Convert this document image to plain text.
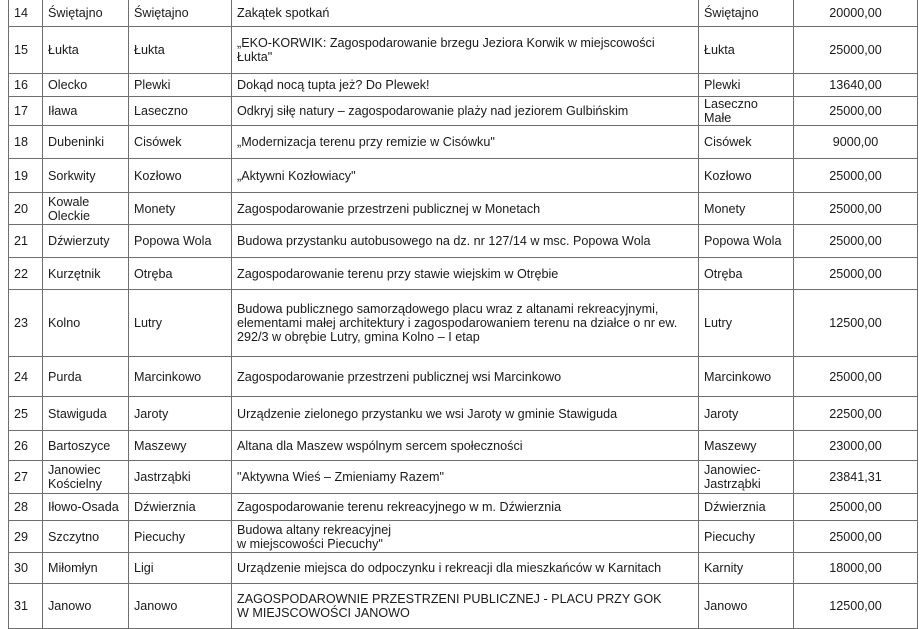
14	Świętajno	Świętajno	Zakątek spotkań	Świętajno	20000,00
15	Łukta	Łukta	„EKO-KORWIK: Zagospodarowanie brzegu Jeziora Korwik w miejscowości
Łukta"	Łukta	25000,00
16	Olecko	Plewki	Dokąd nocą tupta jeż? Do Plewek!	Plewki	13640,00
17	Iława	Laseczno	Odkryj siłę natury – zagospodarowanie plaży nad jeziorem Gulbińskim	Laseczno
Małe	25000,00
18	Dubeninki	Cisówek	„Modernizacja terenu przy remizie w Cisówku"	Cisówek	9000,00
19	Sorkwity	Kozłowo	„Aktywni Kozłowiacy"	Kozłowo	25000,00
20	Kowale Oleckie	Monety	Zagospodarowanie przestrzeni publicznej w Monetach	Monety	25000,00
21	Dźwierzuty	Popowa Wola	Budowa przystanku autobusowego na dz. nr 127/14 w msc. Popowa Wola	Popowa Wola	25000,00
22	Kurzętnik	Otręba	Zagospodarowanie terenu przy stawie wiejskim w Otrębie	Otręba	25000,00
23	Kolno	Lutry	Budowa publicznego samorządowego placu wraz z altanami rekreacyjnymi,
elementami małej architektury i zagospodarowaniem terenu na działce o nr ew.
292/3 w obrębie Lutry, gmina Kolno – I etap	Lutry	12500,00
24	Purda	Marcinkowo	Zagospodarowanie przestrzeni publicznej wsi Marcinkowo	Marcinkowo	25000,00
25	Stawiguda	Jaroty	Urządzenie zielonego przystanku we wsi Jaroty w gminie Stawiguda	Jaroty	22500,00
26	Bartoszyce	Maszewy	Altana dla Maszew wspólnym sercem społeczności	Maszewy	23000,00
27	Janowiec Kościelny	Jastrząbki	"Aktywna Wieś – Zmieniamy Razem"	Janowiec-
Jastrząbki	23841,31
28	Iłowo-Osada	Dźwierznia	Zagospodarowanie terenu rekreacyjnego w m. Dźwierznia	Dźwierznia	25000,00
29	Szczytno	Piecuchy	Budowa altany rekreacyjnej
w miejscowości Piecuchy"	Piecuchy	25000,00
30	Miłomłyn	Ligi	Urządzenie miejsca do odpoczynku i rekreacji dla mieszkańców w Karnitach	Karnity	18000,00
31	Janowo	Janowo	ZAGOSPODAROWNIE PRZESTRZENI PUBLICZNEJ - PLACU PRZY GOK
W MIEJSCOWOŚCI JANOWO	Janowo	12500,00
